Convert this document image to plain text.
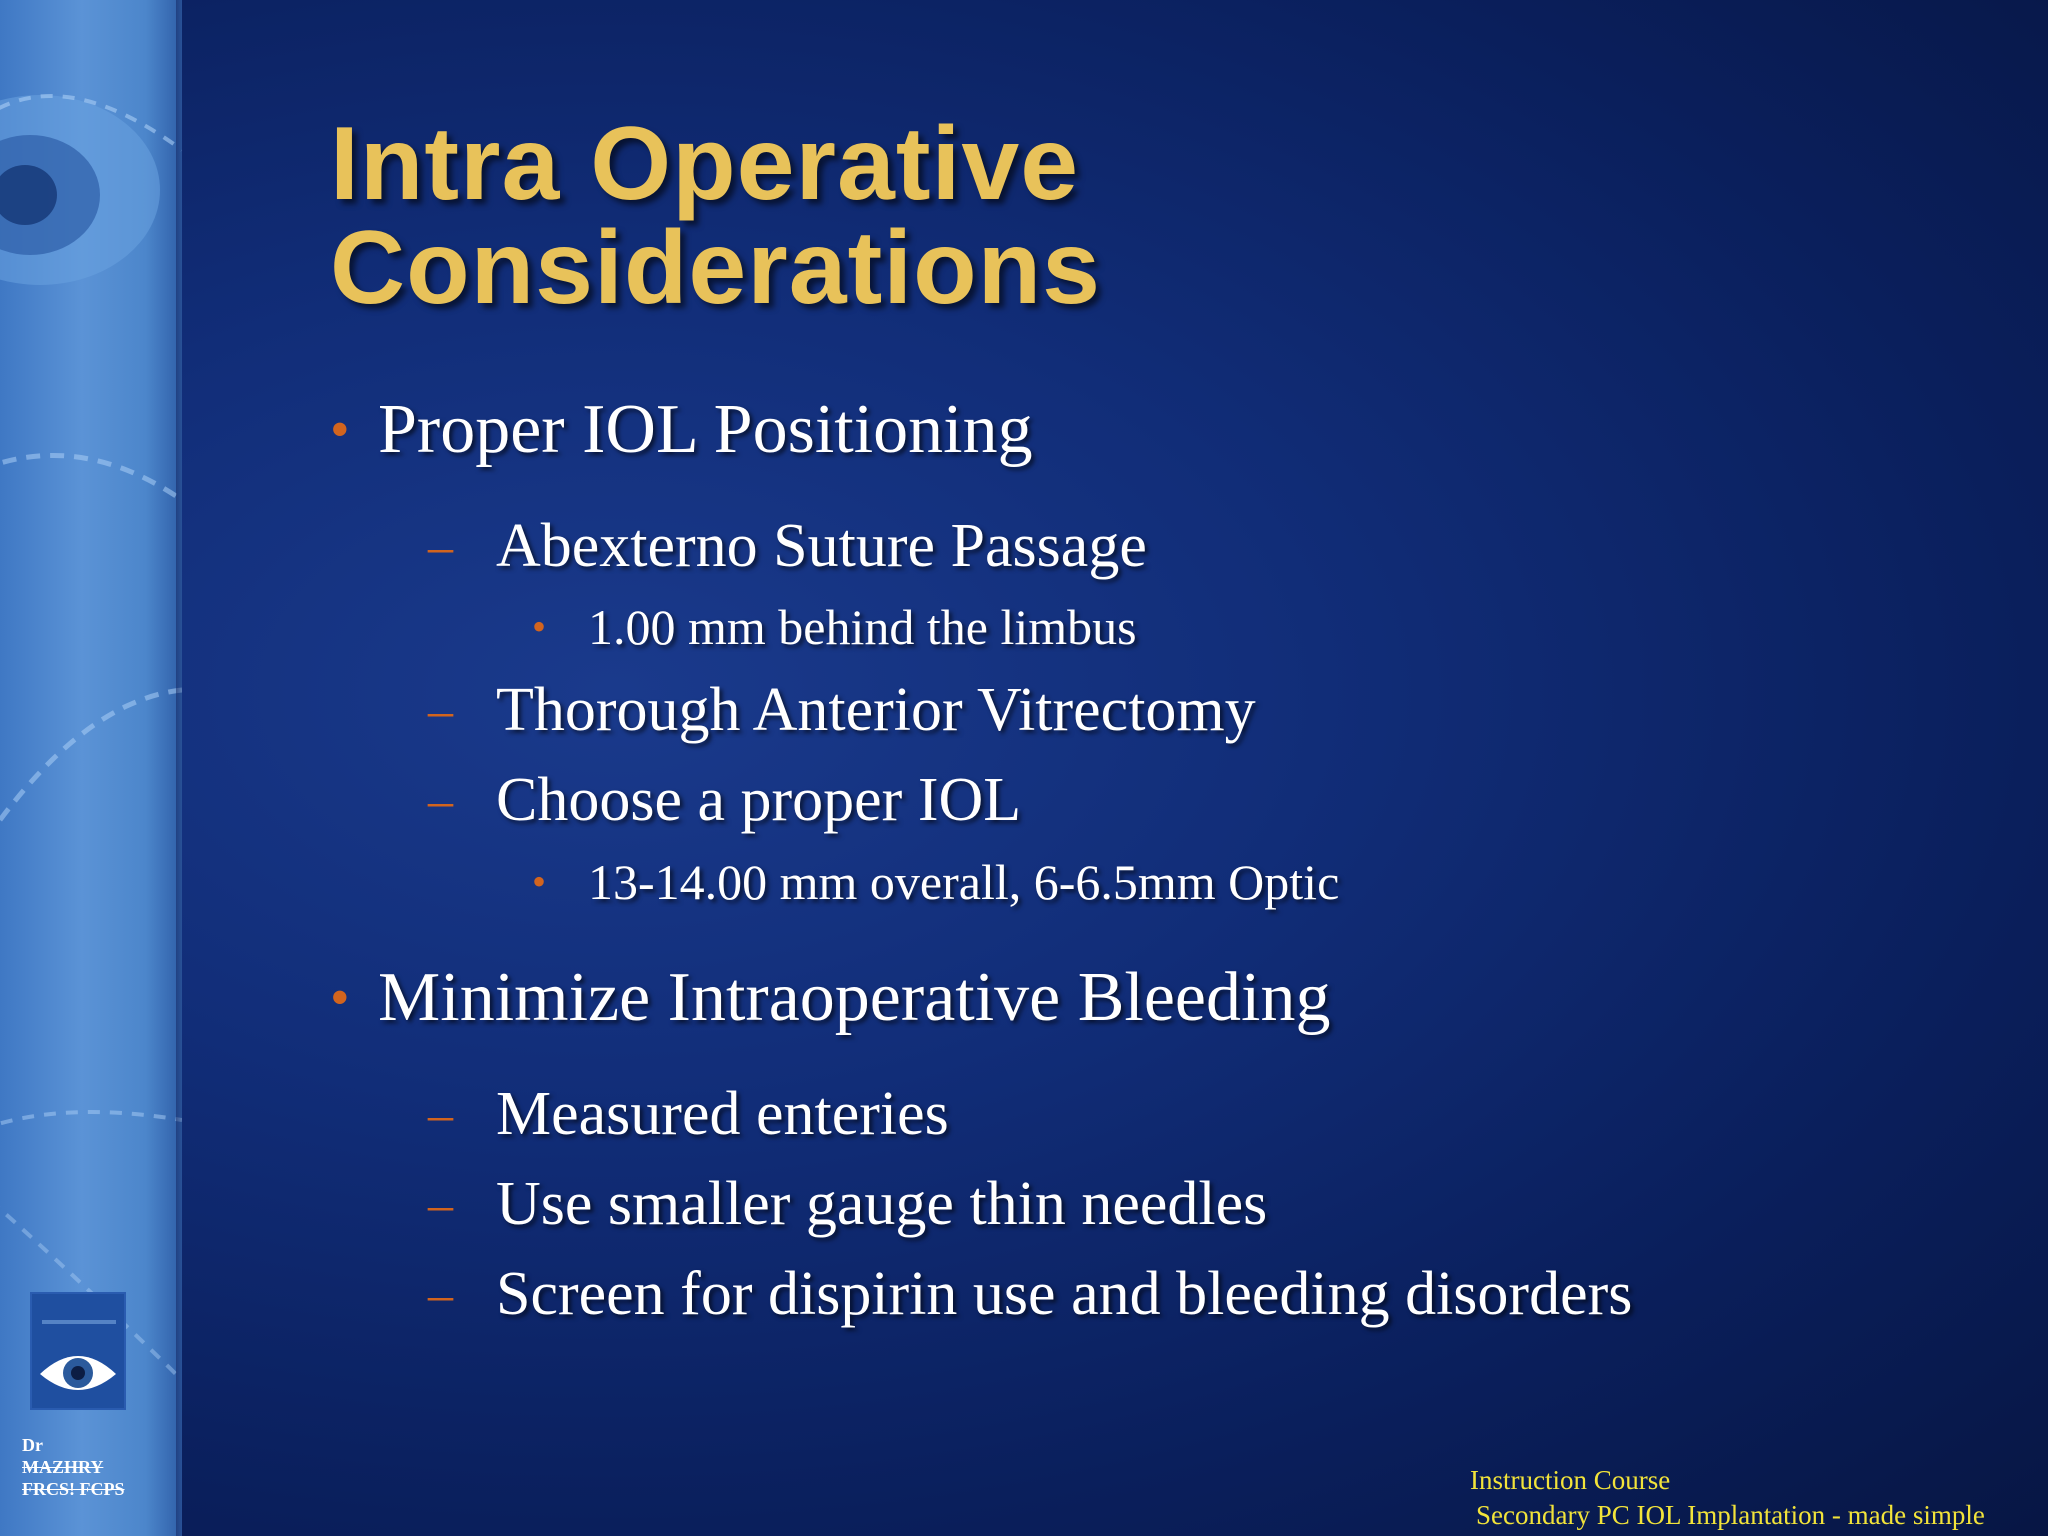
Dr
MAZHRY
FRCS! FCPS
Intra Operative
Considerations
• Proper IOL Positioning
– Abexterno Suture Passage
• 1.00 mm behind the limbus
– Thorough Anterior Vitrectomy
– Choose a proper IOL
• 13-14.00 mm overall, 6-6.5mm Optic
• Minimize Intraoperative Bleeding
– Measured enteries
– Use smaller gauge thin needles
– Screen for dispirin use and bleeding disorders
Instruction Course
Secondary PC IOL Implantation - made simple
